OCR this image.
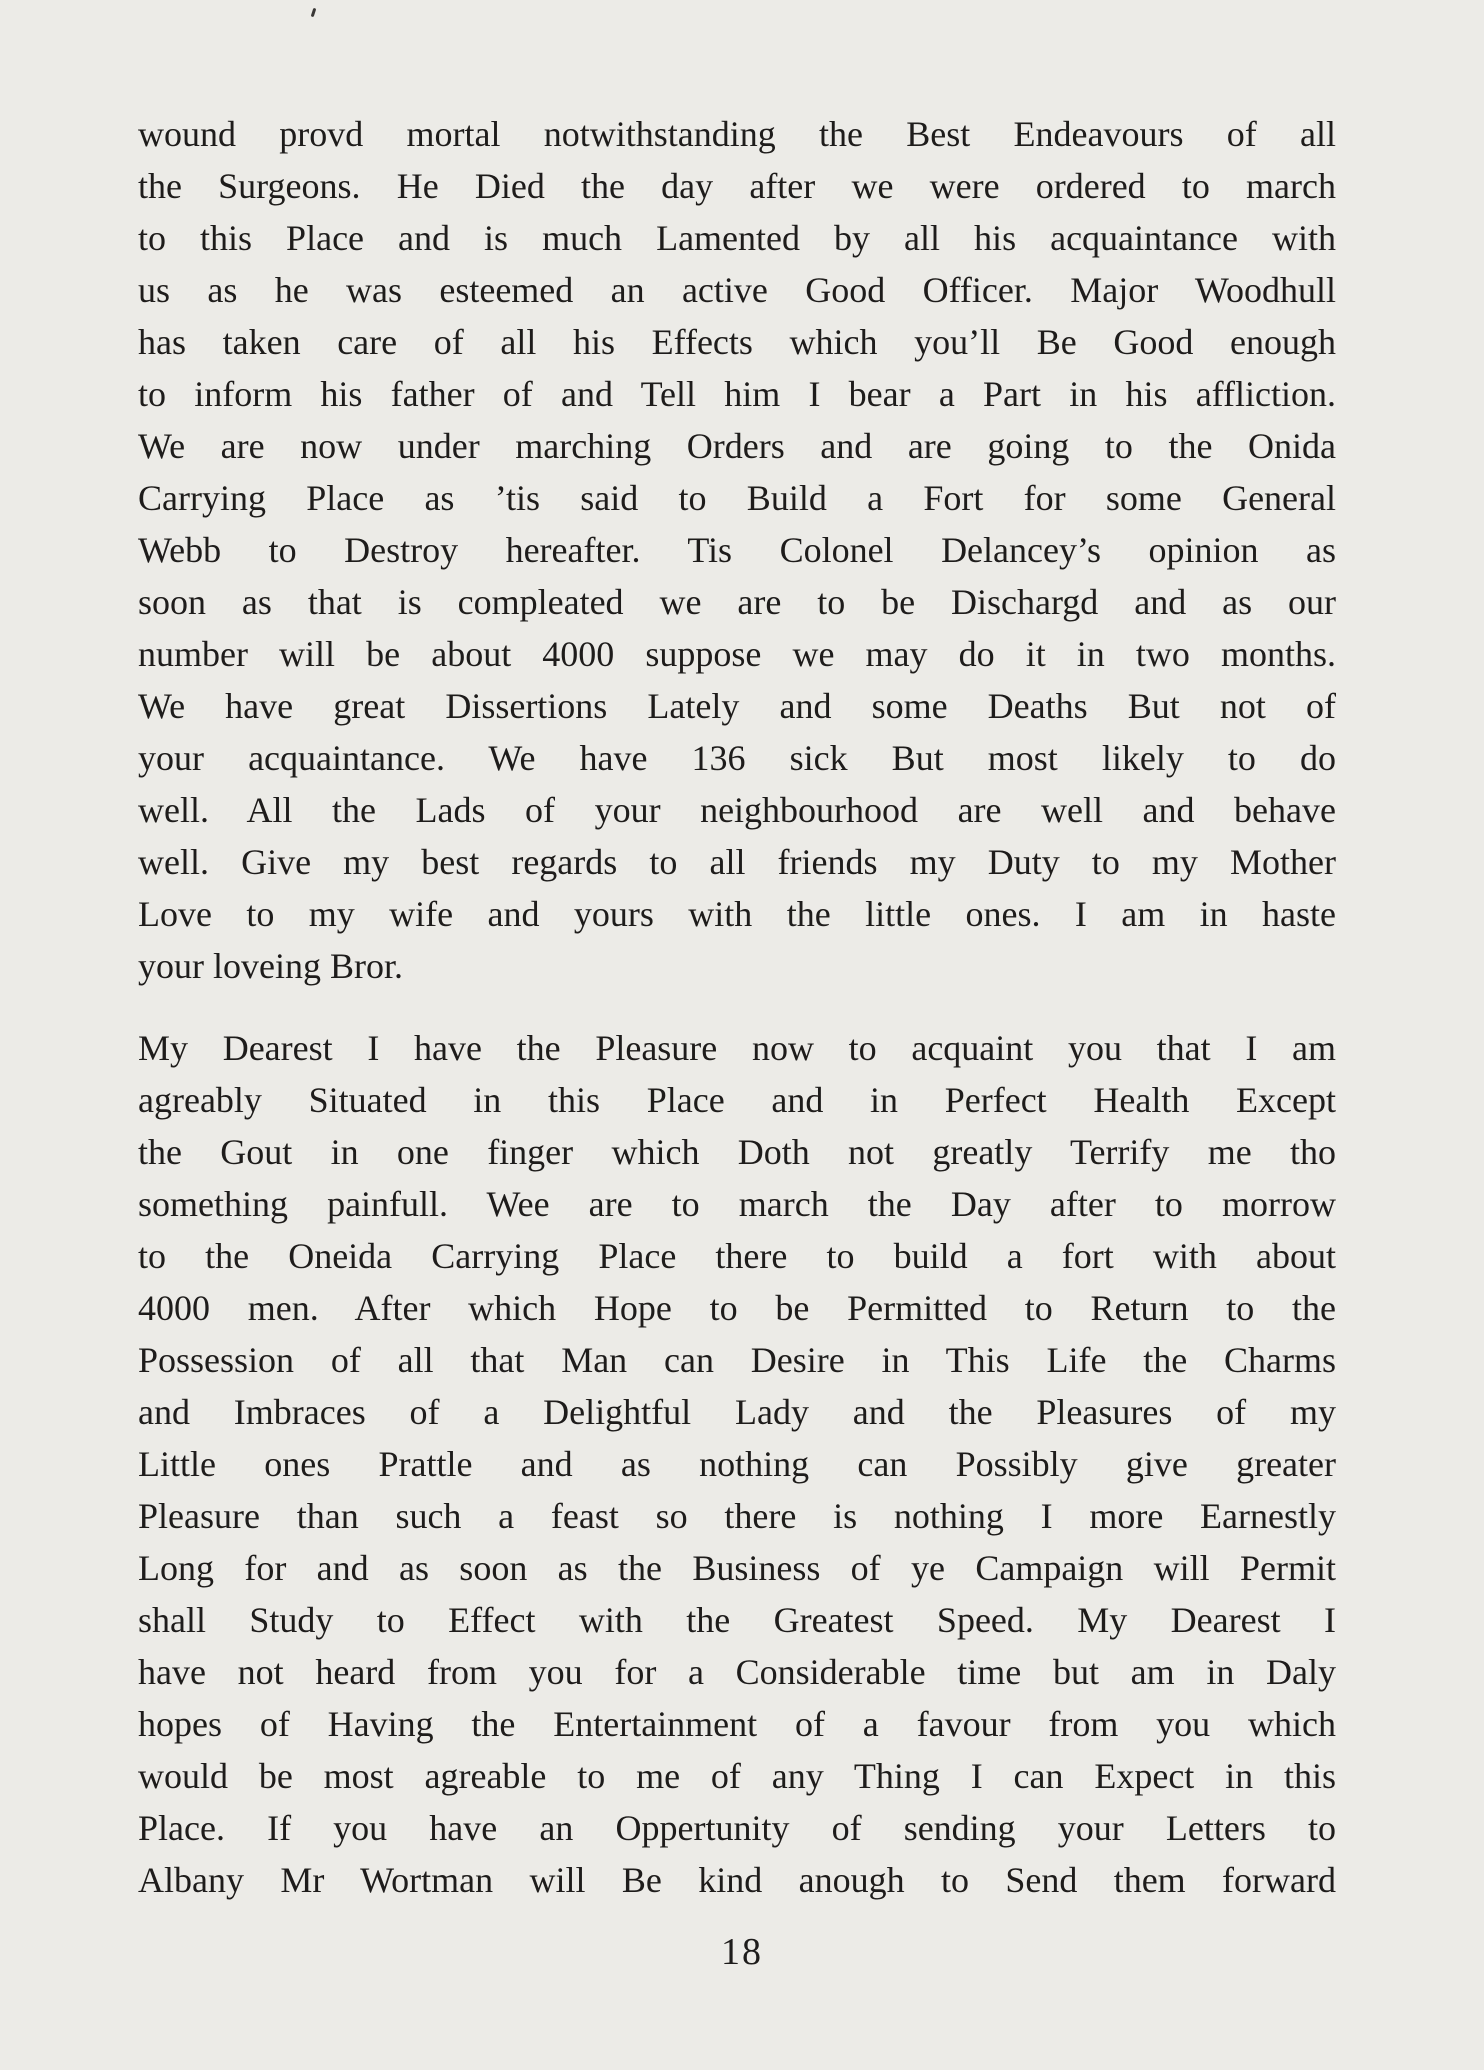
wound provd mortal notwithstanding the Best Endeavours of all
the Surgeons. He Died the day after we were ordered to march
to this Place and is much Lamented by all his acquaintance with
us as he was esteemed an active Good Officer. Major Woodhull
has taken care of all his Effects which you’ll Be Good enough
to inform his father of and Tell him I bear a Part in his affliction.
We are now under marching Orders and are going to the Onida
Carrying Place as ’tis said to Build a Fort for some General
Webb to Destroy hereafter. Tis Colonel Delancey’s opinion as
soon as that is compleated we are to be Dischargd and as our
number will be about 4000 suppose we may do it in two months.
We have great Dissertions Lately and some Deaths But not of
your acquaintance. We have 136 sick But most likely to do
well. All the Lads of your neighbourhood are well and behave
well. Give my best regards to all friends my Duty to my Mother
Love to my wife and yours with the little ones. I am in haste
your loveing Bror.
My Dearest I have the Pleasure now to acquaint you that I am
agreably Situated in this Place and in Perfect Health Except
the Gout in one finger which Doth not greatly Terrify me tho
something painfull. Wee are to march the Day after to morrow
to the Oneida Carrying Place there to build a fort with about
4000 men. After which Hope to be Permitted to Return to the
Possession of all that Man can Desire in This Life the Charms
and Imbraces of a Delightful Lady and the Pleasures of my
Little ones Prattle and as nothing can Possibly give greater
Pleasure than such a feast so there is nothing I more Earnestly
Long for and as soon as the Business of ye Campaign will Permit
shall Study to Effect with the Greatest Speed. My Dearest I
have not heard from you for a Considerable time but am in Daly
hopes of Having the Entertainment of a favour from you which
would be most agreable to me of any Thing I can Expect in this
Place. If you have an Oppertunity of sending your Letters to
Albany Mr Wortman will Be kind anough to Send them forward
18
